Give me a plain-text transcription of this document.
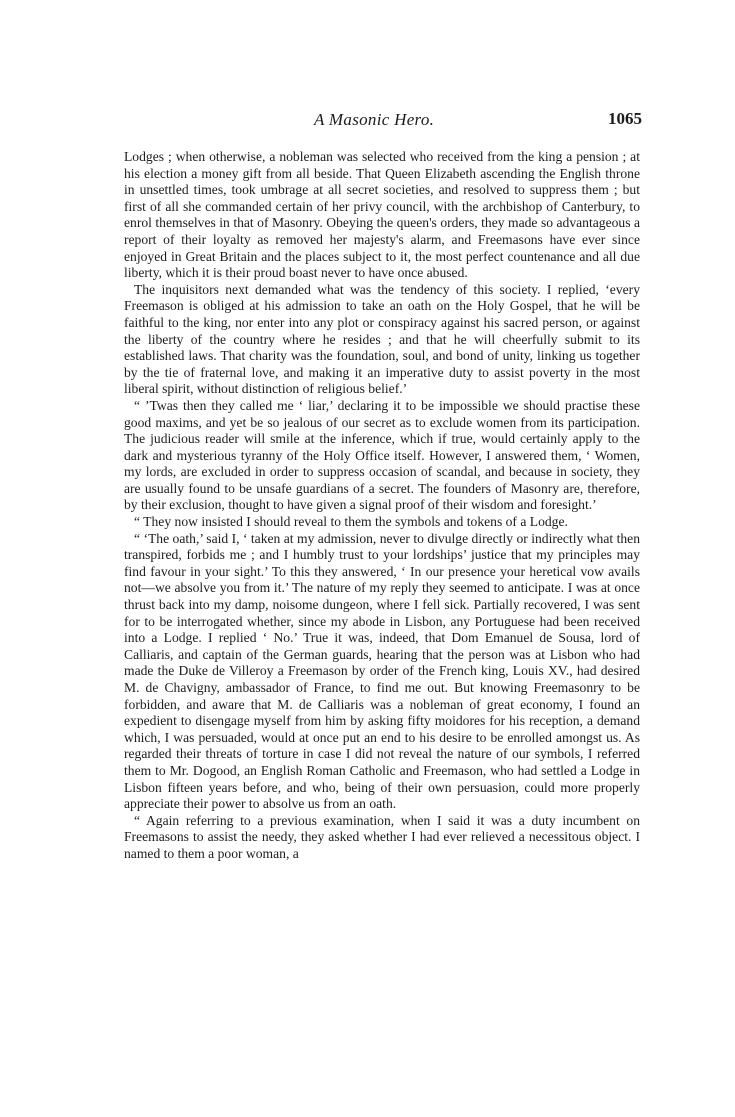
A Masonic Hero.	1065

Lodges ; when otherwise, a nobleman was selected who received from the king a pension ; at his election a money gift from all beside. That Queen Elizabeth ascending the English throne in unsettled times, took umbrage at all secret societies, and resolved to suppress them ; but first of all she commanded certain of her privy council, with the archbishop of Canterbury, to enrol themselves in that of Masonry. Obeying the queen's orders, they made so advantageous a report of their loyalty as removed her majesty's alarm, and Freemasons have ever since enjoyed in Great Britain and the places subject to it, the most perfect countenance and all due liberty, which it is their proud boast never to have once abused.

The inquisitors next demanded what was the tendency of this society. I replied, ‘every Freemason is obliged at his admission to take an oath on the Holy Gospel, that he will be faithful to the king, nor enter into any plot or conspiracy against his sacred person, or against the liberty of the country where he resides ; and that he will cheerfully submit to its established laws. That charity was the foundation, soul, and bond of unity, linking us together by the tie of fraternal love, and making it an imperative duty to assist poverty in the most liberal spirit, without distinction of religious belief.’

“ ’Twas then they called me ‘ liar,’ declaring it to be impossible we should practise these good maxims, and yet be so jealous of our secret as to exclude women from its participation. The judicious reader will smile at the inference, which if true, would certainly apply to the dark and mysterious tyranny of the Holy Office itself. However, I answered them, ‘ Women, my lords, are excluded in order to suppress occasion of scandal, and because in society, they are usually found to be unsafe guardians of a secret. The founders of Masonry are, therefore, by their exclusion, thought to have given a signal proof of their wisdom and foresight.’

“ They now insisted I should reveal to them the symbols and tokens of a Lodge.

“ ‘The oath,’ said I, ‘ taken at my admission, never to divulge directly or indirectly what then transpired, forbids me ; and I humbly trust to your lordships’ justice that my principles may find favour in your sight.’ To this they answered, ‘ In our presence your heretical vow avails not—we absolve you from it.’ The nature of my reply they seemed to anticipate. I was at once thrust back into my damp, noisome dungeon, where I fell sick. Partially recovered, I was sent for to be interrogated whether, since my abode in Lisbon, any Portuguese had been received into a Lodge. I replied ‘ No.’ True it was, indeed, that Dom Emanuel de Sousa, lord of Calliaris, and captain of the German guards, hearing that the person was at Lisbon who had made the Duke de Villeroy a Freemason by order of the French king, Louis XV., had desired M. de Chavigny, ambassador of France, to find me out. But knowing Freemasonry to be forbidden, and aware that M. de Calliaris was a nobleman of great economy, I found an expedient to disengage myself from him by asking fifty moidores for his reception, a demand which, I was persuaded, would at once put an end to his desire to be enrolled amongst us. As regarded their threats of torture in case I did not reveal the nature of our symbols, I referred them to Mr. Dogood, an English Roman Catholic and Freemason, who had settled a Lodge in Lisbon fifteen years before, and who, being of their own persuasion, could more properly appreciate their power to absolve us from an oath.

“ Again referring to a previous examination, when I said it was a duty incumbent on Freemasons to assist the needy, they asked whether I had ever relieved a necessitous object. I named to them a poor woman, a
